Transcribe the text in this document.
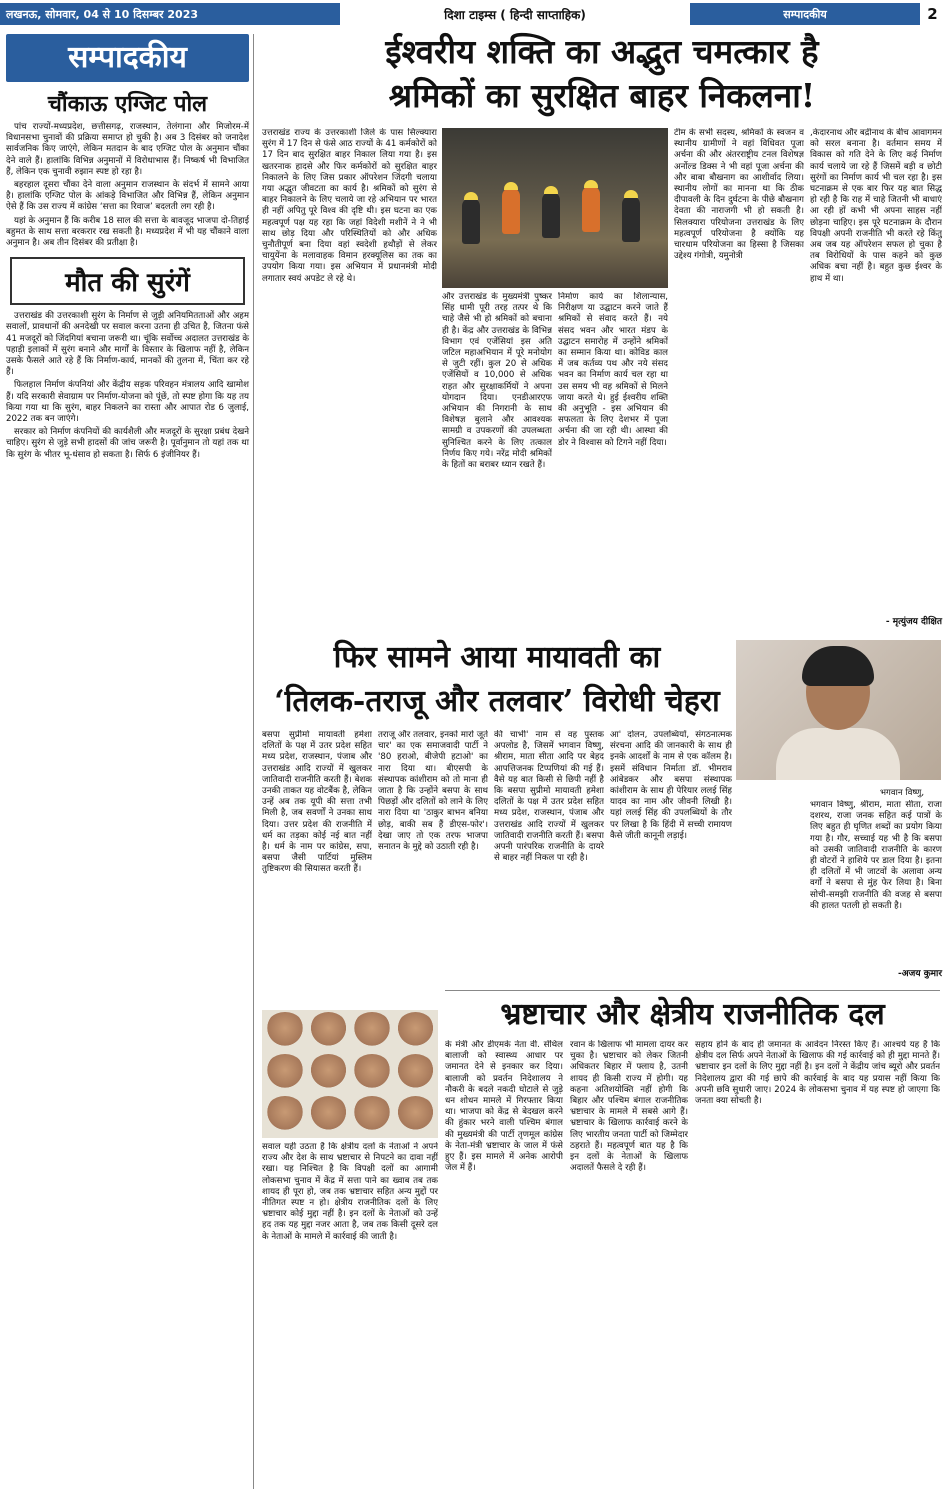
लखनऊ, सोमवार, 04 से 10 दिसम्बर 2023	दिशा टाइम्स ( हिन्दी साप्ताहिक)	सम्पादकीय	2
सम्पादकीय
चौंकाऊ एग्जिट पोल

पांच राज्यों-मध्यप्रदेश, छत्तीसगढ़, राजस्थान, तेलंगाना और मिजोरम-में विधानसभा चुनावों की प्रक्रिया समाप्त हो चुकी है। अब 3 दिसंबर को जनादेश सार्वजनिक किए जाएंगे, लेकिन मतदान के बाद एग्जिट पोल के अनुमान चौंका देने वाले हैं। हालांकि विभिन्न अनुमानों में विरोधाभास हैं। निष्कर्ष भी विभाजित हैं, लेकिन एक चुनावी रुझान स्पष्ट हो रहा है।

बहरहाल दूसरा चौंका देने वाला अनुमान राजस्थान के संदर्भ में सामने आया है। हालांकि एग्जिट पोल के आंकड़े विभाजित और विभिन्न हैं, लेकिन अनुमान ऐसे हैं कि उस राज्य में कांग्रेस ‘सत्ता का रिवाज’ बदलती लग रही है।

यहां के अनुमान हैं कि करीब 18 साल की सत्ता के बावजूद भाजपा दो-तिहाई बहुमत के साथ सत्ता बरकरार रख सकती है। मध्यप्रदेश में भी यह चौंकाने वाला अनुमान है। अब तीन दिसंबर की प्रतीक्षा है।

मौत की सुरंगें

उत्तराखंड की उत्तरकाशी सुरंग के निर्माण से जुड़ी अनियमितताओं और अहम सवालों, प्रावधानों की अनदेखी पर सवाल करना उतना ही उचित है, जितना फंसे 41 मजदूरों को जिंदगियां बचाना जरूरी था। चूंकि सर्वोच्च अदालत उत्तराखंड के पहाड़ी इलाकों में सुरंग बनाने और मार्गों के विस्तार के खिलाफ नहीं है, लेकिन उसके फैसले आते रहे हैं कि निर्माण-कार्य, मानकों की तुलना में, चिंता कर रहे हैं।

फिलहाल निर्माण कंपनियां और केंद्रीय सड़क परिवहन मंत्रालय आदि खामोश हैं। यदि सरकारी सेवाग्राम पर निर्माण-योजना को पूंछें, तो स्पष्ट होगा कि यह तय किया गया था कि सुरंग, बाहर निकलने का रास्ता और आपात रोड 6 जुलाई, 2022 तक बन जाएंगे।

सरकार को निर्माण कंपनियों की कार्यशैली और मजदूरों के सुरक्षा प्रबंध देखने चाहिए। सुरंग से जुड़े सभी हादसों की जांच जरूरी है। पूर्वानुमान तो यहां तक था कि सुरंग के भीतर भू-धंसाव हो सकता है। सिर्फ 6 इंजीनियर हैं।

ईश्वरीय शक्ति का अद्भुत चमत्कार है
श्रमिकों का सुरक्षित बाहर निकलना!
उत्तराखंड राज्य के उत्तरकाशी जिले के पास सिल्क्यारा सुरंग में 17 दिन से फंसे आठ राज्यों के 41 कर्मकोरों को 17 दिन बाद सुरक्षित बाहर निकाल लिया गया है। इस खतरनाक हादसे और फिर कर्मकोरों को सुरक्षित बाहर निकालने के लिए जिस प्रकार ऑपरेशन जिंदगी चलाया गया अद्भुत जीवटता का कार्य है। श्रमिकों को सुरंग से बाहर निकालने के लिए चलाये जा रहे अभियान पर भारत ही नहीं अपितु पूरे विश्व की दृष्टि थी। इस घटना का एक महत्वपूर्ण पक्ष यह रहा कि जहां विदेशी मशीनें ने ने भी साथ छोड़ दिया और परिस्थितियों को और अधिक चुनौतीपूर्ण बना दिया वहां स्वदेशी हथौड़ों से लेकर चायुयेंना के मलावाहक विमान हरक्यूलिस का तक का उपयोग किया गया। इस अभियान में प्रधानमंत्री मोदी लगातार स्वयं अपडेट ले रहे थे।
और उत्तराखंड के मुख्यमंत्री पुष्कर सिंह धामी पूरी तरह तत्पर थे कि चाहे जैसे भी हो श्रमिकों को बचाना ही है। केंद्र और उत्तराखंड के विभिन्न विभाग एवं एजेंसियां इस अति जटिल महाअभियान में पूरे मनोयोग से जुटी रहीं। कुल 20 से अधिक एजेंसियों व 10,000 से अधिक राहत और सुरक्षाकर्मियों ने अपना योगदान दिया। एनडीआरएफ अभियान की निगरानी के साथ विशेषज्ञ बुलाने और आवश्यक सामग्री व उपकरणों की उपलब्धता सुनिश्चित करने के लिए तत्काल निर्णय किए गये। नरेंद्र मोदी श्रमिकों के हितों का बराबर ध्यान रखते हैं।
निर्माण कार्य का शिलान्यास, निरीक्षण या उद्घाटन करने जाते हैं श्रमिकों से संवाद करते हैं। नये संसद भवन और भारत मंडप के उद्घाटन समारोह में उन्होंने श्रमिकों का सम्मान किया था। कोविड काल में जब कर्तव्य पथ और नये संसद भवन का निर्माण कार्य चल रहा था उस समय भी वह श्रमिकों से मिलने जाया करते थे। हुई ईश्वरीय शक्ति की अनुभूति - इस अभियान की सफलता के लिए देशभर में पूजा अर्चना की जा रही थी। आस्था की डोर ने विश्वास को टिगने नहीं दिया।
टीम के सभी सदस्य, श्रमिकों के स्वजन व स्थानीय ग्रामीणों ने वहां विधिवत पूजा अर्चना की और अंतरराष्ट्रीय टनल विशेषज्ञ अर्नोल्ड डिक्स ने भी वहां पूजा अर्चना की और बाबा बौखनाग का आशीर्वाद लिया। स्थानीय लोगों का मानना था कि ठीक दीपावली के दिन दुर्घटना के पीछे बौखनाग देवता की नाराजगी भी हो सकती है। सिलक्यारा परियोजना उत्तराखंड के लिए महत्वपूर्ण परियोजना है क्योंकि यह चारधाम परियोजना का हिस्सा है जिसका उद्देश्य गंगोत्री, यमुनोत्री
,केदारनाथ और बद्रीनाथ के बीच आवागमन को सरल बनाना है। वर्तमान समय में विकास को गति देने के लिए कई निर्माण कार्य चलाये जा रहे हैं जिसमें बड़ी व छोटी सुरंगों का निर्माण कार्य भी चल रहा है। इस घटनाक्रम से एक बार फिर यह बात सिद्ध हो रही है कि राह में चाहे जितनी भी बाधाएं आ रही हों कभी भी अपना साहस नहीं छोड़ना चाहिए। इस पूरे घटनाक्रम के दौरान विपक्षी अपनी राजनीति भी करते रहे किंतु अब जब यह ऑपरेशन सफल हो चुका है तब विरोधियों के पास कहने को कुछ अधिक बचा नहीं है। बहुत कुछ ईश्वर के हाथ में था।
- मृत्युंजय दीक्षित
फिर सामने आया मायावती का
‘तिलक-तराजू और तलवार’ विरोधी चेहरा
बसपा सुप्रीमो मायावती हमेशा दलितों के पक्ष में उतर प्रदेश सहित मध्य प्रदेश, राजस्थान, पंजाब और उत्तराखंड आदि राज्यों में खुलकर जातिवादी राजनीति करती हैं। बेशक उनकी ताकत यह वोटबैंक है, लेकिन उन्हें अब तक यूपी की सत्ता तभी मिली है, जब सवर्णों ने उनका साथ दिया। उत्तर प्रदेश की राजनीति में धर्म का तड़का कोई नई बात नहीं है। धर्म के नाम पर कांग्रेस, सपा, बसपा जैसी पार्टियां मुस्लिम तुष्टिकरण की सियासत करती हैं।
तराजू और तलवार, इनको मारो जूते चार' का एक समाजवादी पार्टी ने '80 हराओ, बीजेपी हटाओ' का नारा दिया था। बीएसपी के संस्थापक कांशीराम को तो माना ही जाता है कि उन्होंने बसपा के साथ पिछड़ों और दलितों को लाने के लिए नारा दिया था 'ठाकुर बाभन बनिया छोड़, बाकी सब हैं डीएस-फोर'। देखा जाए तो एक तरफ भाजपा सनातन के मुद्दे को उठाती रही है।
की चाभी' नाम से वह पुस्तक अपलोड है, जिसमें भगवान विष्णु, श्रीराम, माता सीता आदि पर बेहद आपत्तिजनक टिप्पणियां की गई हैं। वैसे यह बात किसी से छिपी नहीं है कि बसपा सुप्रीमो मायावती हमेशा दलितों के पक्ष में उतर प्रदेश सहित मध्य प्रदेश, राजस्थान, पंजाब और उत्तराखंड आदि राज्यों में खुलकर जातिवादी राजनीति करती हैं। बसपा अपनी पारंपरिक राजनीति के दायरे से बाहर नहीं निकल पा रही है।
आ' दोलन, उपलब्धियों, संगठनात्मक संरचना आदि की जानकारी के साथ ही इनके आदर्शों के नाम से एक कॉलम है। इसमें संविधान निर्माता डॉ. भीमराव आंबेडकर और बसपा संस्थापक कांशीराम के साथ ही पेरियार ललई सिंह यादव का नाम और जीवनी लिखी है। यहां ललई सिंह की उपलब्धियों के तौर पर लिखा है कि हिंदी में सच्ची रामायण कैसे जीती कानूनी लड़ाई।
भगवान विष्णु, श्रीराम, माता सीता, राजा दशरथ, राजा जनक सहित कई पात्रों के लिए बहुत ही घृणित शब्दों का प्रयोग किया गया है। गौर, सच्चाई यह भी है कि बसपा को उसकी जातिवादी राजनीति के कारण ही वोटरों ने हाशिये पर डाल दिया है। इतना ही दलितों में भी जाटवों के अलावा अन्य वर्गों ने बसपा से मुंह फेर लिया है। बिना सोची-समझी राजनीति की वजह से बसपा की हालत पतली हो सकती है।
भगवान विष्णु,
-अजय कुमार
भ्रष्टाचार और क्षेत्रीय राजनीतिक दल
सवाल यही उठता है कि क्षेत्रीय दलों के नेताओं ने अपने राज्य और देश के साथ भ्रष्टाचार से निपटने का दावा नहीं रखा। यह निश्चित है कि विपक्षी दलों का आगामी लोकसभा चुनाव में केंद्र में सत्ता पाने का ख्वाब तब तक शायद ही पूरा हो, जब तक भ्रष्टाचार सहित अन्य मुद्दों पर नीतिगत स्पष्ट न हो। क्षेत्रीय राजनीतिक दलों के लिए भ्रष्टाचार कोई मुद्दा नहीं है। इन दलों के नेताओं को उन्हें हद तक यह मुद्दा नजर आता है, जब तक किसी दूसरे दल के नेताओं के मामले में कार्रवाई की जाती है।
के मंत्री और डीएमके नेता वी. सेंथिल बालाजी को स्वास्थ्य आधार पर जमानत देने से इनकार कर दिया। बालाजी को प्रवर्तन निदेशालय ने नौकरी के बदले नकदी घोटाले से जुड़े धन शोधन मामले में गिरफ्तार किया था। भाजपा को केंद्र से बेदखल करने की हुंकार भरने वाली पश्चिम बंगाल की मुख्यमंत्री की पार्टी तृणमूल कांग्रेस के नेता-मंत्री भ्रष्टाचार के जाल में फंसे हुए हैं। इस मामले में अनेक आरोपी जेल में हैं।
रवान के खिलाफ भी मामला दायर कर चुका है। भ्रष्टाचार को लेकर जितनी अधिकतर बिहार में फ्लाय है, उतनी शायद ही किसी राज्य में होगी। यह कहना अतिशयोक्ति नहीं होगी कि बिहार और पश्चिम बंगाल राजनीतिक भ्रष्टाचार के मामले में सबसे आगे हैं। भ्रष्टाचार के खिलाफ कार्रवाई करने के लिए भारतीय जनता पार्टी को जिम्मेदार ठहराते हैं। महत्वपूर्ण बात यह है कि इन दलों के नेताओं के खिलाफ अदालतें फैसले दे रही हैं।
सहाय होने के बाद ही जमानत के आवेदन निरस्त किए हैं। आश्चर्य यह है कि क्षेत्रीय दल सिर्फ अपने नेताओं के खिलाफ की गई कार्रवाई को ही मुद्दा मानते हैं। भ्रष्टाचार इन दलों के लिए मुद्दा नहीं है। इन दलों ने केंद्रीय जांच ब्यूरो और प्रवर्तन निदेशालय द्वारा की गई छापे की कार्रवाई के बाद यह प्रयास नहीं किया कि अपनी छवि सुधारी जाए। 2024 के लोकसभा चुनाव में यह स्पष्ट हो जाएगा कि जनता क्या सोचती है।
